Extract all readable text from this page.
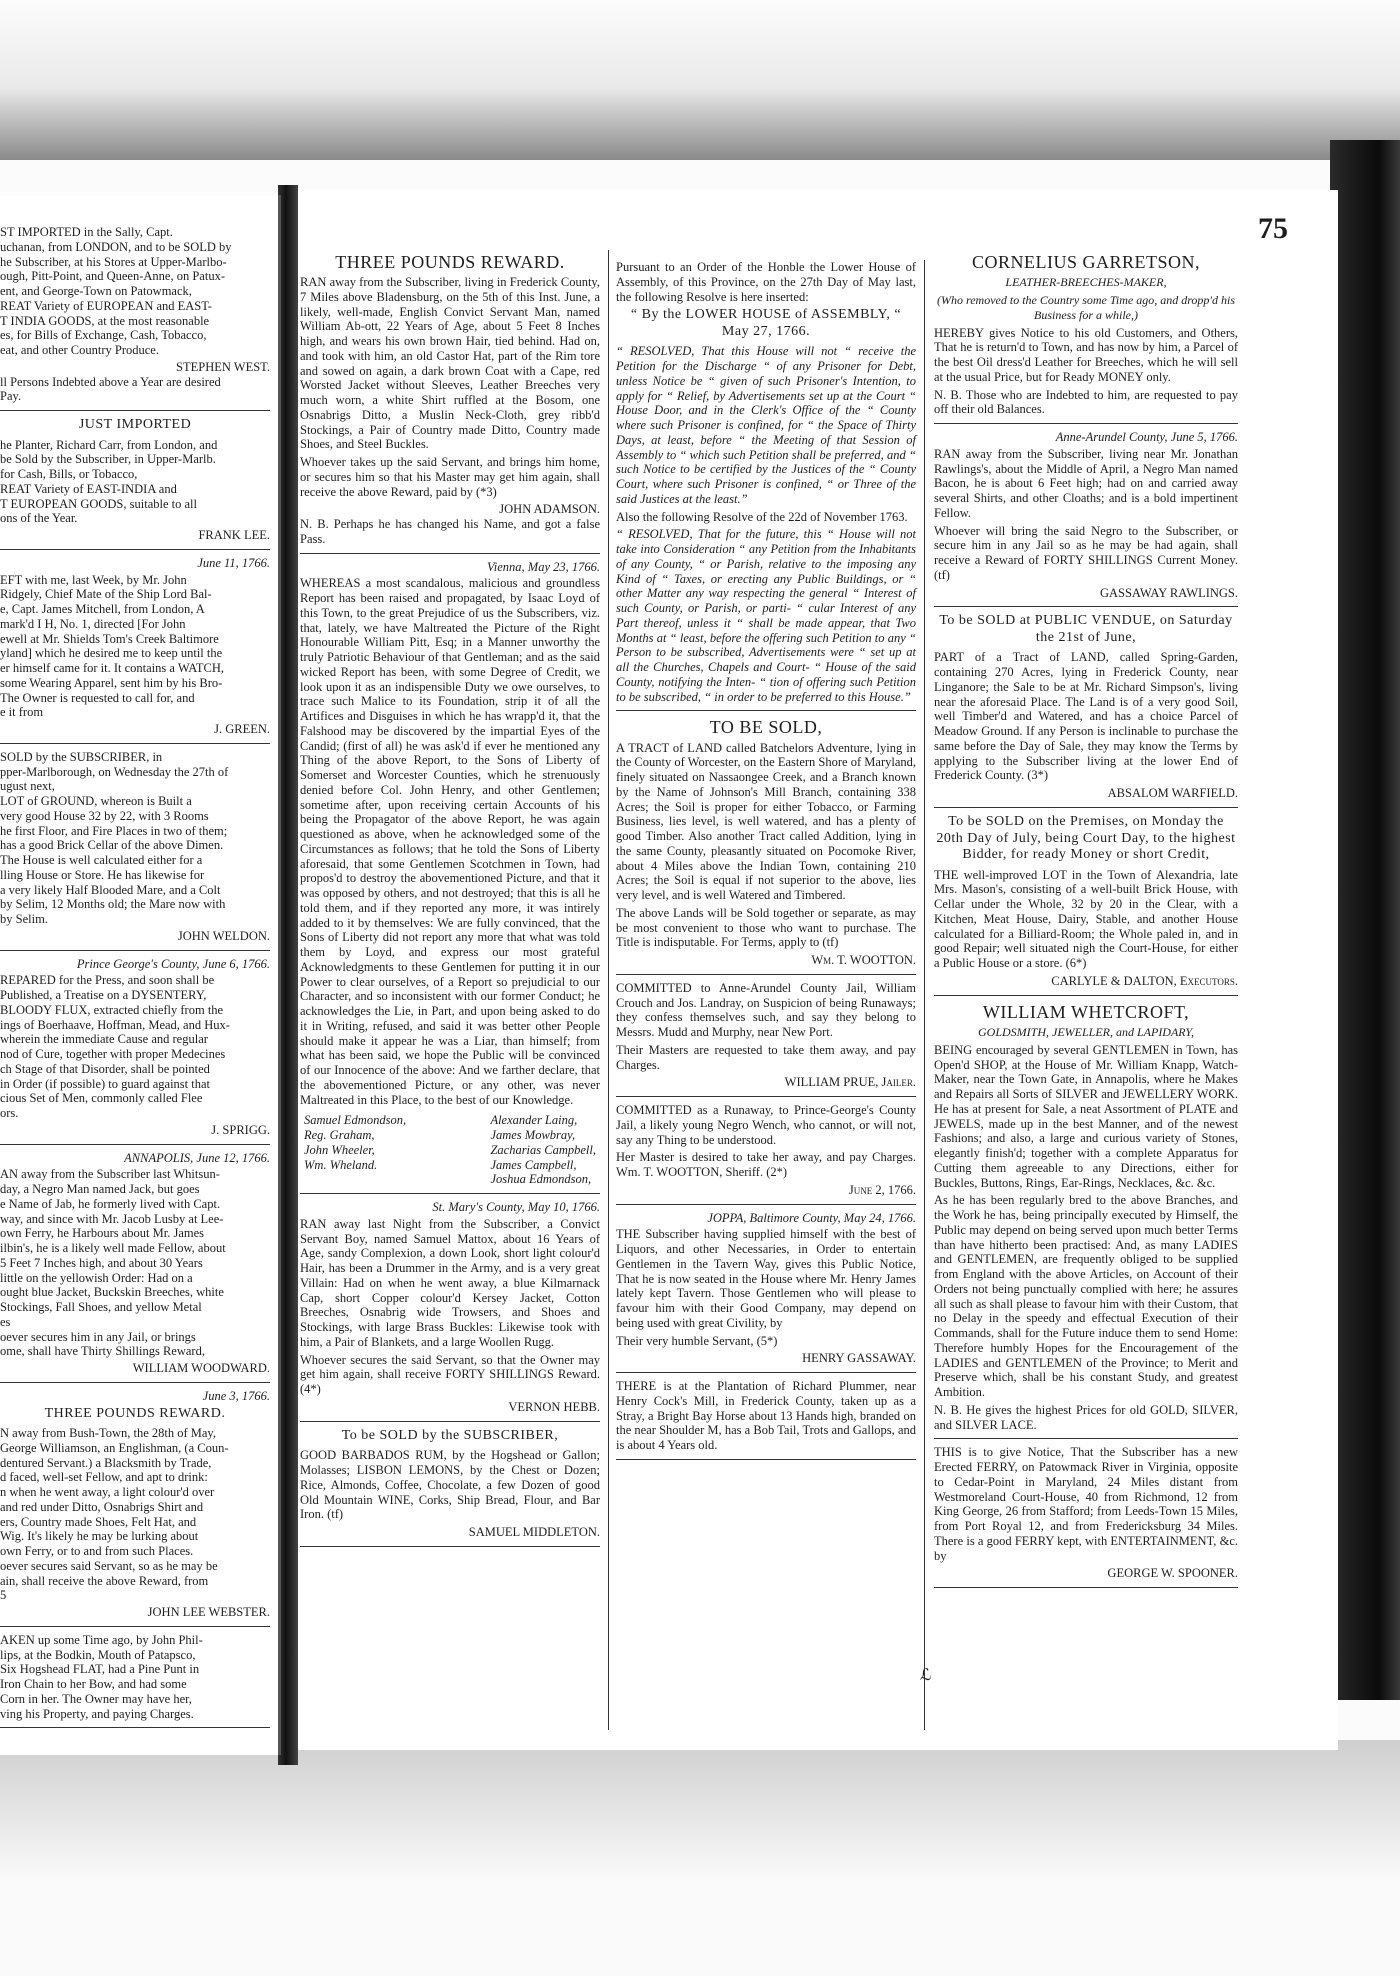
ST IMPORTED in the Sally, Capt.
uchanan, from LONDON, and to be SOLD by
he Subscriber, at his Stores at Upper-Marlbo-
ough, Pitt-Point, and Queen-Anne, on Patux-
ent, and George-Town on Patowmack,
REAT Variety of EUROPEAN and EAST-
T INDIA GOODS, at the most reasonable
es, for Bills of Exchange, Cash, Tobacco,
eat, and other Country Produce.
STEPHEN WEST.
ll Persons Indebted above a Year are desired
Pay.
JUST IMPORTED
he Planter, Richard Carr, from London, and
be Sold by the Subscriber, in Upper-Marlb.
for Cash, Bills, or Tobacco,
REAT Variety of EAST-INDIA and
T EUROPEAN GOODS, suitable to all
ons of the Year.
FRANK LEE.
June 11, 1766.
EFT with me, last Week, by Mr. John
Ridgely, Chief Mate of the Ship Lord Bal-
e, Capt. James Mitchell, from London, A
mark'd I H, No. 1, directed [For John
ewell at Mr. Shields Tom's Creek Baltimore
yland] which he desired me to keep until the
er himself came for it. It contains a WATCH,
some Wearing Apparel, sent him by his Bro-
The Owner is requested to call for, and
e it from
J. GREEN.
SOLD by the SUBSCRIBER, in
pper-Marlborough, on Wednesday the 27th of
ugust next,
LOT of GROUND, whereon is Built a
very good House 32 by 22, with 3 Rooms
he first Floor, and Fire Places in two of them;
has a good Brick Cellar of the above Dimen.
The House is well calculated either for a
lling House or Store. He has likewise for
a very likely Half Blooded Mare, and a Colt
by Selim, 12 Months old; the Mare now with
by Selim.
JOHN WELDON.
Prince George's County, June 6, 1766.
REPARED for the Press, and soon shall be
Published, a Treatise on a DYSENTERY,
BLOODY FLUX, extracted chiefly from the
ings of Boerhaave, Hoffman, Mead, and Hux-
wherein the immediate Cause and regular
nod of Cure, together with proper Medecines
ch Stage of that Disorder, shall be pointed
in Order (if possible) to guard against that
cious Set of Men, commonly called Flee
ors.
J. SPRIGG.
ANNAPOLIS, June 12, 1766.
AN away from the Subscriber last Whitsun-
day, a Negro Man named Jack, but goes
e Name of Jab, he formerly lived with Capt.
way, and since with Mr. Jacob Lusby at Lee-
own Ferry, he Harbours about Mr. James
ilbin's, he is a likely well made Fellow, about
5 Feet 7 Inches high, and about 30 Years
little on the yellowish Order: Had on a
ought blue Jacket, Buckskin Breeches, white
Stockings, Fall Shoes, and yellow Metal
es
oever secures him in any Jail, or brings
ome, shall have Thirty Shillings Reward,
WILLIAM WOODWARD.
June 3, 1766.
THREE POUNDS REWARD.
N away from Bush-Town, the 28th of May,
George Williamson, an Englishman, (a Coun-
dentured Servant.) a Blacksmith by Trade,
d faced, well-set Fellow, and apt to drink:
n when he went away, a light colour'd over
and red under Ditto, Osnabrigs Shirt and
ers, Country made Shoes, Felt Hat, and
Wig. It's likely he may be lurking about
own Ferry, or to and from such Places.
oever secures said Servant, so as he may be
ain, shall receive the above Reward, from
5
JOHN LEE WEBSTER.
AKEN up some Time ago, by John Phil-
lips, at the Bodkin, Mouth of Patapsco,
Six Hogshead FLAT, had a Pine Punt in
Iron Chain to her Bow, and had some
Corn in her. The Owner may have her,
ving his Property, and paying Charges.
75
THREE POUNDS REWARD.

RAN away from the Subscriber, living in Frederick County, 7 Miles above Bladensburg, on the 5th of this Inst. June, a likely, well-made, English Convict Servant Man, named William Ab-ott, 22 Years of Age, about 5 Feet 8 Inches high, and wears his own brown Hair, tied behind. Had on, and took with him, an old Castor Hat, part of the Rim tore and sowed on again, a dark brown Coat with a Cape, red Worsted Jacket without Sleeves, Leather Breeches very much worn, a white Shirt ruffled at the Bosom, one Osnabrigs Ditto, a Muslin Neck-Cloth, grey ribb'd Stockings, a Pair of Country made Ditto, Country made Shoes, and Steel Buckles.

Whoever takes up the said Servant, and brings him home, or secures him so that his Master may get him again, shall receive the above Reward, paid by (*3)

JOHN ADAMSON.

N. B. Perhaps he has changed his Name, and got a false Pass.

Vienna, May 23, 1766.

WHEREAS a most scandalous, malicious and groundless Report has been raised and propagated, by Isaac Loyd of this Town, to the great Prejudice of us the Subscribers, viz. that, lately, we have Maltreated the Picture of the Right Honourable William Pitt, Esq; in a Manner unworthy the truly Patriotic Behaviour of that Gentleman; and as the said wicked Report has been, with some Degree of Credit, we look upon it as an indispensible Duty we owe ourselves, to trace such Malice to its Foundation, strip it of all the Artifices and Disguises in which he has wrapp'd it, that the Falshood may be discovered by the impartial Eyes of the Candid; (first of all) he was ask'd if ever he mentioned any Thing of the above Report, to the Sons of Liberty of Somerset and Worcester Counties, which he strenuously denied before Col. John Henry, and other Gentlemen; sometime after, upon receiving certain Accounts of his being the Propagator of the above Report, he was again questioned as above, when he acknowledged some of the Circumstances as follows; that he told the Sons of Liberty aforesaid, that some Gentlemen Scotchmen in Town, had propos'd to destroy the abovementioned Picture, and that it was opposed by others, and not destroyed; that this is all he told them, and if they reported any more, it was intirely added to it by themselves: We are fully convinced, that the Sons of Liberty did not report any more that what was told them by Loyd, and express our most grateful Acknowledgments to these Gentlemen for putting it in our Power to clear ourselves, of a Report so prejudicial to our Character, and so inconsistent with our former Conduct; he acknowledges the Lie, in Part, and upon being asked to do it in Writing, refused, and said it was better other People should make it appear he was a Liar, than himself; from what has been said, we hope the Public will be convinced of our Innocence of the above: And we farther declare, that the abovementioned Picture, or any other, was never Maltreated in this Place, to the best of our Knowledge.

Samuel Edmondson,
Reg. Graham,
John Wheeler,
Wm. Wheland.
Alexander Laing,
James Mowbray,
Zacharias Campbell,
James Campbell,
Joshua Edmondson,
St. Mary's County, May 10, 1766.

RAN away last Night from the Subscriber, a Convict Servant Boy, named Samuel Mattox, about 16 Years of Age, sandy Complexion, a down Look, short light colour'd Hair, has been a Drummer in the Army, and is a very great Villain: Had on when he went away, a blue Kilmarnack Cap, short Copper colour'd Kersey Jacket, Cotton Breeches, Osnabrig wide Trowsers, and Shoes and Stockings, with large Brass Buckles: Likewise took with him, a Pair of Blankets, and a large Woollen Rugg.

Whoever secures the said Servant, so that the Owner may get him again, shall receive FORTY SHILLINGS Reward. (4*)

VERNON HEBB.
To be SOLD by the SUBSCRIBER,

GOOD BARBADOS RUM, by the Hogshead or Gallon; Molasses; LISBON LEMONS, by the Chest or Dozen; Rice, Almonds, Coffee, Chocolate, a few Dozen of good Old Mountain WINE, Corks, Ship Bread, Flour, and Bar Iron. (tf)

SAMUEL MIDDLETON.

Pursuant to an Order of the Honble the Lower House of Assembly, of this Province, on the 27th Day of May last, the following Resolve is here inserted:

“ By the LOWER HOUSE of ASSEMBLY, “ May 27, 1766.

“ RESOLVED, That this House will not “ receive the Petition for the Discharge “ of any Prisoner for Debt, unless Notice be “ given of such Prisoner's Intention, to apply for “ Relief, by Advertisements set up at the Court “ House Door, and in the Clerk's Office of the “ County where such Prisoner is confined, for “ the Space of Thirty Days, at least, before “ the Meeting of that Session of Assembly to “ which such Petition shall be preferred, and “ such Notice to be certified by the Justices of the “ County Court, where such Prisoner is confined, “ or Three of the said Justices at the least.”

Also the following Resolve of the 22d of November 1763.

“ RESOLVED, That for the future, this “ House will not take into Consideration “ any Petition from the Inhabitants of any County, “ or Parish, relative to the imposing any Kind of “ Taxes, or erecting any Public Buildings, or “ other Matter any way respecting the general “ Interest of such County, or Parish, or parti- “ cular Interest of any Part thereof, unless it “ shall be made appear, that Two Months at “ least, before the offering such Petition to any “ Person to be subscribed, Advertisements were “ set up at all the Churches, Chapels and Court- “ House of the said County, notifying the Inten- “ tion of offering such Petition to be subscribed, “ in order to be preferred to this House.”

TO BE SOLD,

A TRACT of LAND called Batchelors Adventure, lying in the County of Worcester, on the Eastern Shore of Maryland, finely situated on Nassaongee Creek, and a Branch known by the Name of Johnson's Mill Branch, containing 338 Acres; the Soil is proper for either Tobacco, or Farming Business, lies level, is well watered, and has a plenty of good Timber. Also another Tract called Addition, lying in the same County, pleasantly situated on Pocomoke River, about 4 Miles above the Indian Town, containing 210 Acres; the Soil is equal if not superior to the above, lies very level, and is well Watered and Timbered.

The above Lands will be Sold together or separate, as may be most convenient to those who want to purchase. The Title is indisputable. For Terms, apply to (tf)

Wm. T. WOOTTON.

COMMITTED to Anne-Arundel County Jail, William Crouch and Jos. Landray, on Suspicion of being Runaways; they confess themselves such, and say they belong to Messrs. Mudd and Murphy, near New Port.

Their Masters are requested to take them away, and pay Charges.

WILLIAM PRUE, Jailer.

COMMITTED as a Runaway, to Prince-George's County Jail, a likely young Negro Wench, who cannot, or will not, say any Thing to be understood.

Her Master is desired to take her away, and pay Charges. Wm. T. WOOTTON, Sheriff. (2*)

June 2, 1766.
JOPPA, Baltimore County, May 24, 1766.

THE Subscriber having supplied himself with the best of Liquors, and other Necessaries, in Order to entertain Gentlemen in the Tavern Way, gives this Public Notice, That he is now seated in the House where Mr. Henry James lately kept Tavern. Those Gentlemen who will please to favour him with their Good Company, may depend on being used with great Civility, by

Their very humble Servant, (5*)

HENRY GASSAWAY.

THERE is at the Plantation of Richard Plummer, near Henry Cock's Mill, in Frederick County, taken up as a Stray, a Bright Bay Horse about 13 Hands high, branded on the near Shoulder M, has a Bob Tail, Trots and Gallops, and is about 4 Years old.

CORNELIUS GARRETSON,
LEATHER-BREECHES-MAKER,
(Who removed to the Country some Time ago, and dropp'd his Business for a while,)

HEREBY gives Notice to his old Customers, and Others, That he is return'd to Town, and has now by him, a Parcel of the best Oil dress'd Leather for Breeches, which he will sell at the usual Price, but for Ready MONEY only.

N. B. Those who are Indebted to him, are requested to pay off their old Balances.

Anne-Arundel County, June 5, 1766.

RAN away from the Subscriber, living near Mr. Jonathan Rawlings's, about the Middle of April, a Negro Man named Bacon, he is about 6 Feet high; had on and carried away several Shirts, and other Cloaths; and is a bold impertinent Fellow.

Whoever will bring the said Negro to the Subscriber, or secure him in any Jail so as he may be had again, shall receive a Reward of FORTY SHILLINGS Current Money. (tf)

GASSAWAY RAWLINGS.
To be SOLD at PUBLIC VENDUE, on Saturday the 21st of June,

PART of a Tract of LAND, called Spring-Garden, containing 270 Acres, lying in Frederick County, near Linganore; the Sale to be at Mr. Richard Simpson's, living near the aforesaid Place. The Land is of a very good Soil, well Timber'd and Watered, and has a choice Parcel of Meadow Ground. If any Person is inclinable to purchase the same before the Day of Sale, they may know the Terms by applying to the Subscriber living at the lower End of Frederick County. (3*)

ABSALOM WARFIELD.
To be SOLD on the Premises, on Monday the 20th Day of July, being Court Day, to the highest Bidder, for ready Money or short Credit,

THE well-improved LOT in the Town of Alexandria, late Mrs. Mason's, consisting of a well-built Brick House, with Cellar under the Whole, 32 by 20 in the Clear, with a Kitchen, Meat House, Dairy, Stable, and another House calculated for a Billiard-Room; the Whole paled in, and in good Repair; well situated nigh the Court-House, for either a Public House or a store. (6*)

CARLYLE & DALTON, Executors.
WILLIAM WHETCROFT,
GOLDSMITH, JEWELLER, and LAPIDARY,

BEING encouraged by several GENTLEMEN in Town, has Open'd SHOP, at the House of Mr. William Knapp, Watch-Maker, near the Town Gate, in Annapolis, where he Makes and Repairs all Sorts of SILVER and JEWELLERY WORK. He has at present for Sale, a neat Assortment of PLATE and JEWELS, made up in the best Manner, and of the newest Fashions; and also, a large and curious variety of Stones, elegantly finish'd; together with a complete Apparatus for Cutting them agreeable to any Directions, either for Buckles, Buttons, Rings, Ear-Rings, Necklaces, &c. &c.

As he has been regularly bred to the above Branches, and the Work he has, being principally executed by Himself, the Public may depend on being served upon much better Terms than have hitherto been practised: And, as many LADIES and GENTLEMEN, are frequently obliged to be supplied from England with the above Articles, on Account of their Orders not being punctually complied with here; he assures all such as shall please to favour him with their Custom, that no Delay in the speedy and effectual Execution of their Commands, shall for the Future induce them to send Home: Therefore humbly Hopes for the Encouragement of the LADIES and GENTLEMEN of the Province; to Merit and Preserve which, shall be his constant Study, and greatest Ambition.

N. B. He gives the highest Prices for old GOLD, SILVER, and SILVER LACE.

THIS is to give Notice, That the Subscriber has a new Erected FERRY, on Patowmack River in Virginia, opposite to Cedar-Point in Maryland, 24 Miles distant from Westmoreland Court-House, 40 from Richmond, 12 from King George, 26 from Stafford; from Leeds-Town 15 Miles, from Port Royal 12, and from Fredericksburg 34 Miles. There is a good FERRY kept, with ENTERTAINMENT, &c. by

GEORGE W. SPOONER.
ℒ
